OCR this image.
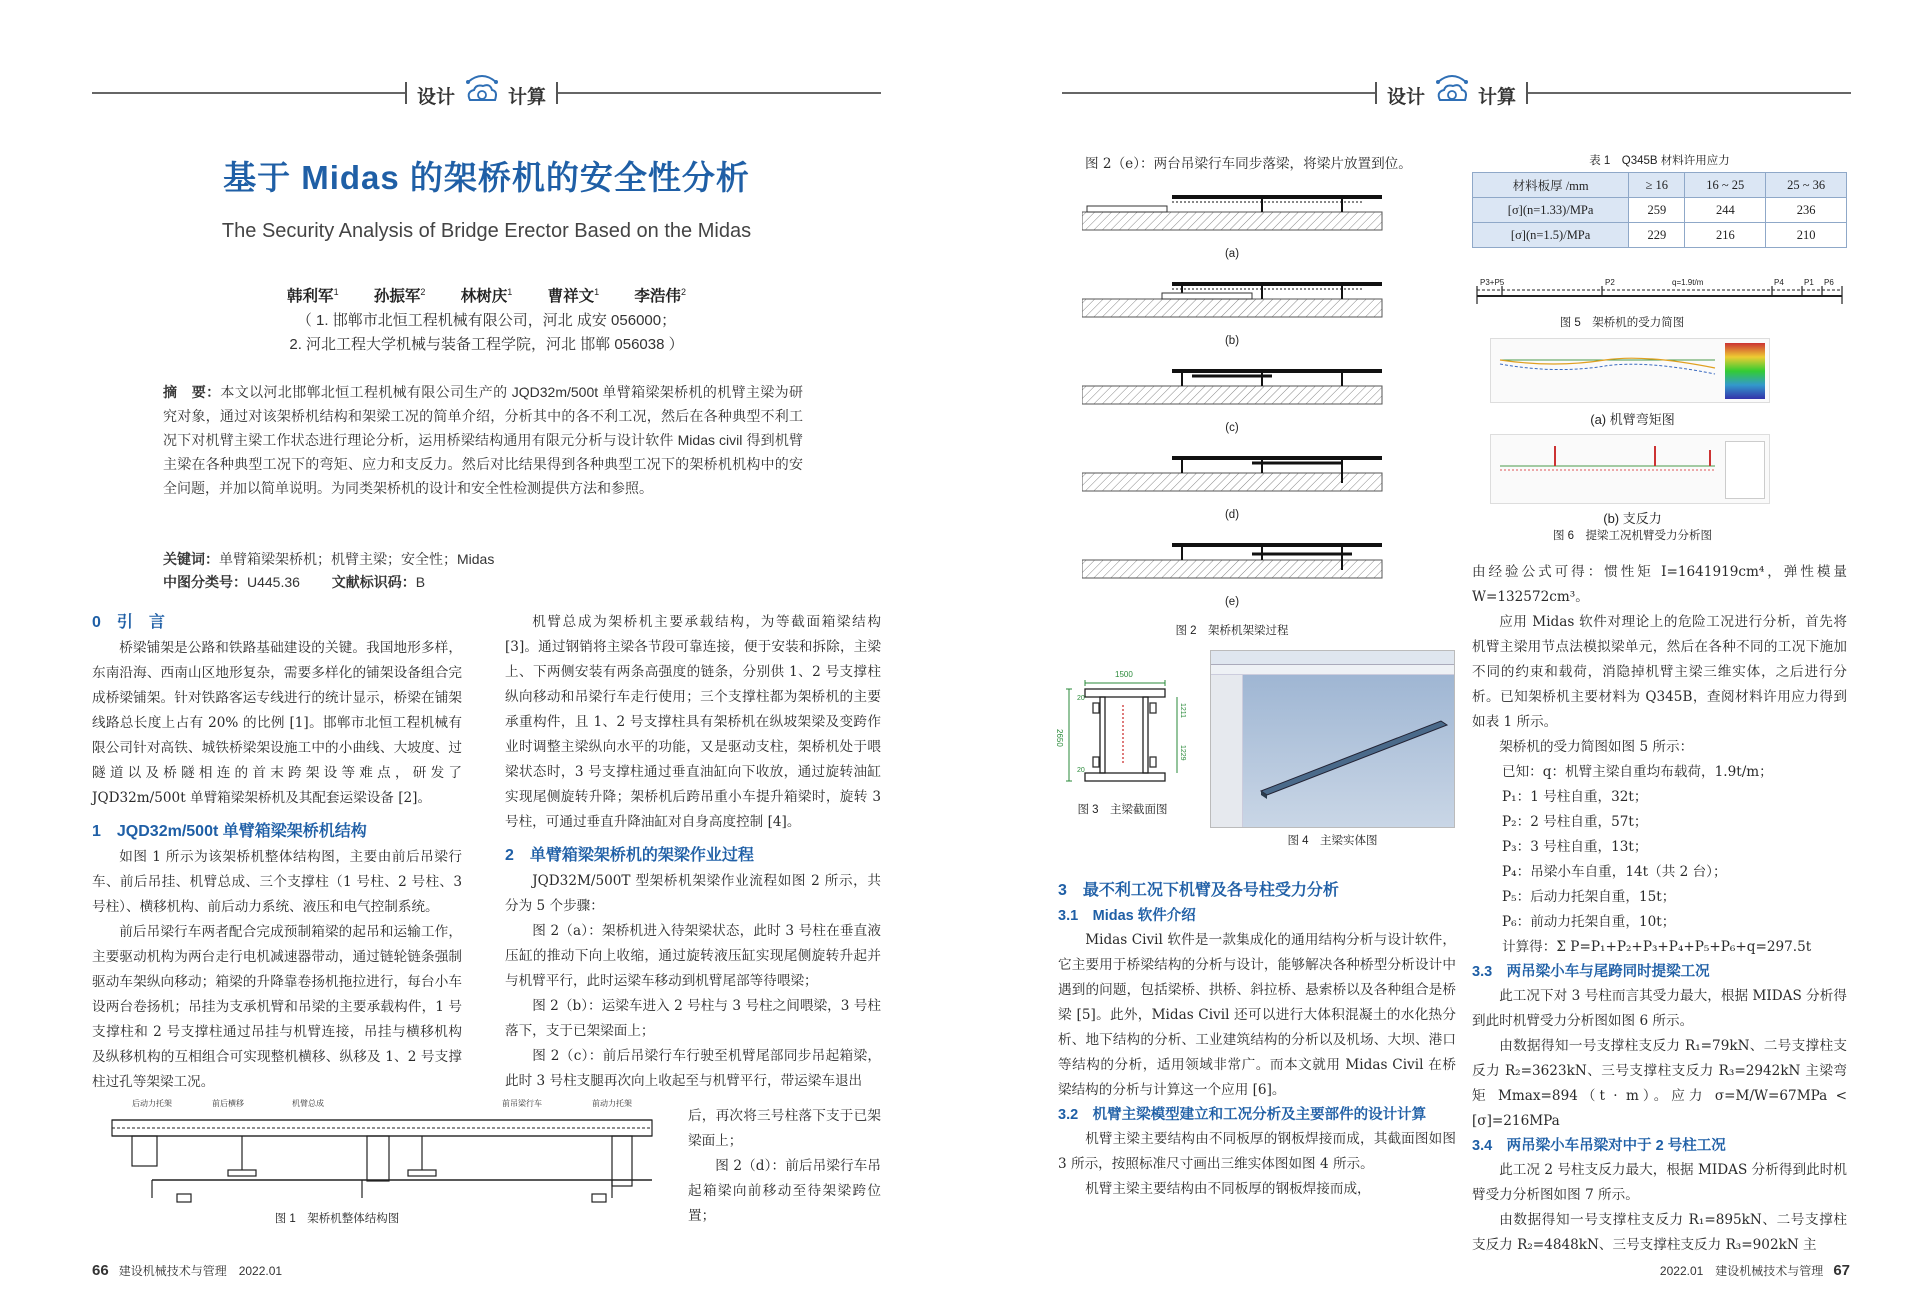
设计	计算	设计	计算
基于 Midas 的架桥机的安全性分析
The Security Analysis of Bridge Erector Based on the Midas
韩利军$^1$   孙振军$^2$   林树庆$^1$   曹祥文$^1$   李浩伟$^2$
（ 1. 邯郸市北恒工程机械有限公司，河北 成安 056000；
2. 河北工程大学机械与装备工程学院，河北 邯郸 056038 ）
摘　要：本文以河北邯郸北恒工程机械有限公司生产的 JQD32m/500t 单臂箱梁架桥机的机臂主梁为研究对象，通过对该架桥机结构和架梁工况的简单介绍，分析其中的各不利工况，然后在各种典型不利工况下对机臂主梁工作状态进行理论分析，运用桥梁结构通用有限元分析与设计软件 Midas civil 得到机臂主梁在各种典型工况下的弯矩、应力和支反力。然后对比结果得到各种典型工况下的架桥机机构中的安全问题，并加以简单说明。为同类架桥机的设计和安全性检测提供方法和参照。
关键词：单臂箱梁架桥机；机臂主梁；安全性；Midas
中图分类号：U445.36 文献标识码：B
0　引　言

桥梁铺架是公路和铁路基础建设的关键。我国地形多样，东南沿海、西南山区地形复杂，需要多样化的铺架设备组合完成桥梁铺架。针对铁路客运专线进行的统计显示，桥梁在铺架线路总长度上占有 20% 的比例 [1]。邯郸市北恒工程机械有限公司针对高铁、城铁桥梁架设施工中的小曲线、大坡度、过隧道以及桥隧相连的首末跨架设等难点，研发了 JQD32m/500t 单臂箱梁架桥机及其配套运梁设备 [2]。

1　JQD32m/500t 单臂箱梁架桥机结构

如图 1 所示为该架桥机整体结构图，主要由前后吊梁行车、前后吊挂、机臂总成、三个支撑柱（1 号柱、2 号柱、3 号柱）、横移机构、前后动力系统、液压和电气控制系统。

前后吊梁行车两者配合完成预制箱梁的起吊和运输工作，主要驱动机构为两台走行电机减速器带动，通过链轮链条强制驱动车架纵向移动；箱梁的升降靠卷扬机拖拉进行，每台小车设两台卷扬机；吊挂为支承机臂和吊梁的主要承载构件，1 号支撑柱和 2 号支撑柱通过吊挂与机臂连接，吊挂与横移机构及纵移机构的互相组合可实现整机横移、纵移及 1、2 号支撑柱过孔等架梁工况。

机臂总成为架桥机主要承载结构，为等截面箱梁结构 [3]。通过钢销将主梁各节段可靠连接，便于安装和拆除，主梁上、下两侧安装有两条高强度的链条，分别供 1、2 号支撑柱纵向移动和吊梁行车走行使用；三个支撑柱都为架桥机的主要承重构件，且 1、2 号支撑柱具有架桥机在纵坡架梁及变跨作业时调整主梁纵向水平的功能，又是驱动支柱，架桥机处于喂梁状态时，3 号支撑柱通过垂直油缸向下收放，通过旋转油缸实现尾侧旋转升降；架桥机后跨吊重小车提升箱梁时，旋转 3 号柱，可通过垂直升降油缸对自身高度控制 [4]。

2　单臂箱梁架桥机的架梁作业过程

JQD32M/500T 型架桥机架梁作业流程如图 2 所示，共分为 5 个步骤：

图 2（a）：架桥机进入待架梁状态，此时 3 号柱在垂直液压缸的推动下向上收缩，通过旋转液压缸实现尾侧旋转升起并与机臂平行，此时运梁车移动到机臂尾部等待喂梁；

图 2（b）：运梁车进入 2 号柱与 3 号柱之间喂梁，3 号柱落下，支于已架梁面上；

图 2（c）：前后吊梁行车行驶至机臂尾部同步吊起箱梁，此时 3 号柱支腿再次向上收起至与机臂平行，带运梁车退出

后，再次将三号柱落下支于已架梁面上；

图 2（d）：前后吊梁行车吊起箱梁向前移动至待架梁跨位置；

后动力托架	前后横移	机臂总成	前吊梁行车	前动力托架
图 1　架桥机整体结构图
66 建设机械技术与管理　2022.01
图 2（e）：两台吊梁行车同步落梁，将梁片放置到位。
(a)
(b)
(c)
(d)
(e)
图 2　架桥机架梁过程
1500
2650
20
20
1211
1229
图 3　主梁截面图
图 4　主梁实体图
3　最不利工况下机臂及各号柱受力分析
3.1　Midas 软件介绍

Midas Civil 软件是一款集成化的通用结构分析与设计软件，它主要用于桥梁结构的分析与设计，能够解决各种桥型分析设计中遇到的问题，包括梁桥、拱桥、斜拉桥、悬索桥以及各种组合是桥梁 [5]。此外，Midas Civil 还可以进行大体积混凝土的水化热分析、地下结构的分析、工业建筑结构的分析以及机场、大坝、港口等结构的分析，适用领域非常广。而本文就用 Midas Civil 在桥梁结构的分析与计算这一个应用 [6]。

3.2　机臂主梁模型建立和工况分析及主要部件的设计计算

机臂主梁主要结构由不同板厚的钢板焊接而成，其截面图如图 3 所示，按照标准尺寸画出三维实体图如图 4 所示。

机臂主梁主要结构由不同板厚的钢板焊接而成，

表 1　Q345B 材料许用应力
材料板厚 /mm	≥ 16	16 ~ 25	25 ~ 36
[σ](n=1.33)/MPa	259	244	236
[σ](n=1.5)/MPa	229	216	210
P3+P5	P2	q=1.9t/m	P4	P1 P6
图 5　架桥机的受力简图
(a) 机臂弯矩图
(b) 支反力
图 6　提梁工况机臂受力分析图

由经验公式可得：惯性矩 I=1641919cm⁴，弹性模量 W=132572cm³。

应用 Midas 软件对理论上的危险工况进行分析，首先将机臂主梁用节点法模拟梁单元，然后在各种不同的工况下施加不同的约束和载荷，消隐掉机臂主梁三维实体，之后进行分析。已知架桥机主要材料为 Q345B，查阅材料许用应力得到如表 1 所示。

架桥机的受力简图如图 5 所示：

已知：q：机臂主梁自重均布载荷，1.9t/m；
P₁：1 号柱自重，32t；
P₂：2 号柱自重，57t；
P₃：3 号柱自重，13t；
P₄：吊梁小车自重，14t（共 2 台）；
P₅：后动力托架自重，15t；
P₆：前动力托架自重，10t；
计算得：Σ P=P₁+P₂+P₃+P₄+P₅+P₆+q=297.5t
3.3　两吊梁小车与尾跨同时提梁工况

此工况下对 3 号柱而言其受力最大，根据 MIDAS 分析得到此时机臂受力分析图如图 6 所示。

由数据得知一号支撑柱支反力 R₁=79kN、二号支撑柱支反力 R₂=3623kN、三号支撑柱支反力 R₃=2942kN 主梁弯矩 Mmax=894（t · m）。应力 σ=M/W=67MPa < [σ]=216MPa

3.4　两吊梁小车吊梁对中于 2 号柱工况

此工况 2 号柱支反力最大，根据 MIDAS 分析得到此时机臂受力分析图如图 7 所示。

由数据得知一号支撑柱支反力 R₁=895kN、二号支撑柱支反力 R₂=4848kN、三号支撑柱支反力 R₃=902kN 主

2022.01　建设机械技术与管理 67
